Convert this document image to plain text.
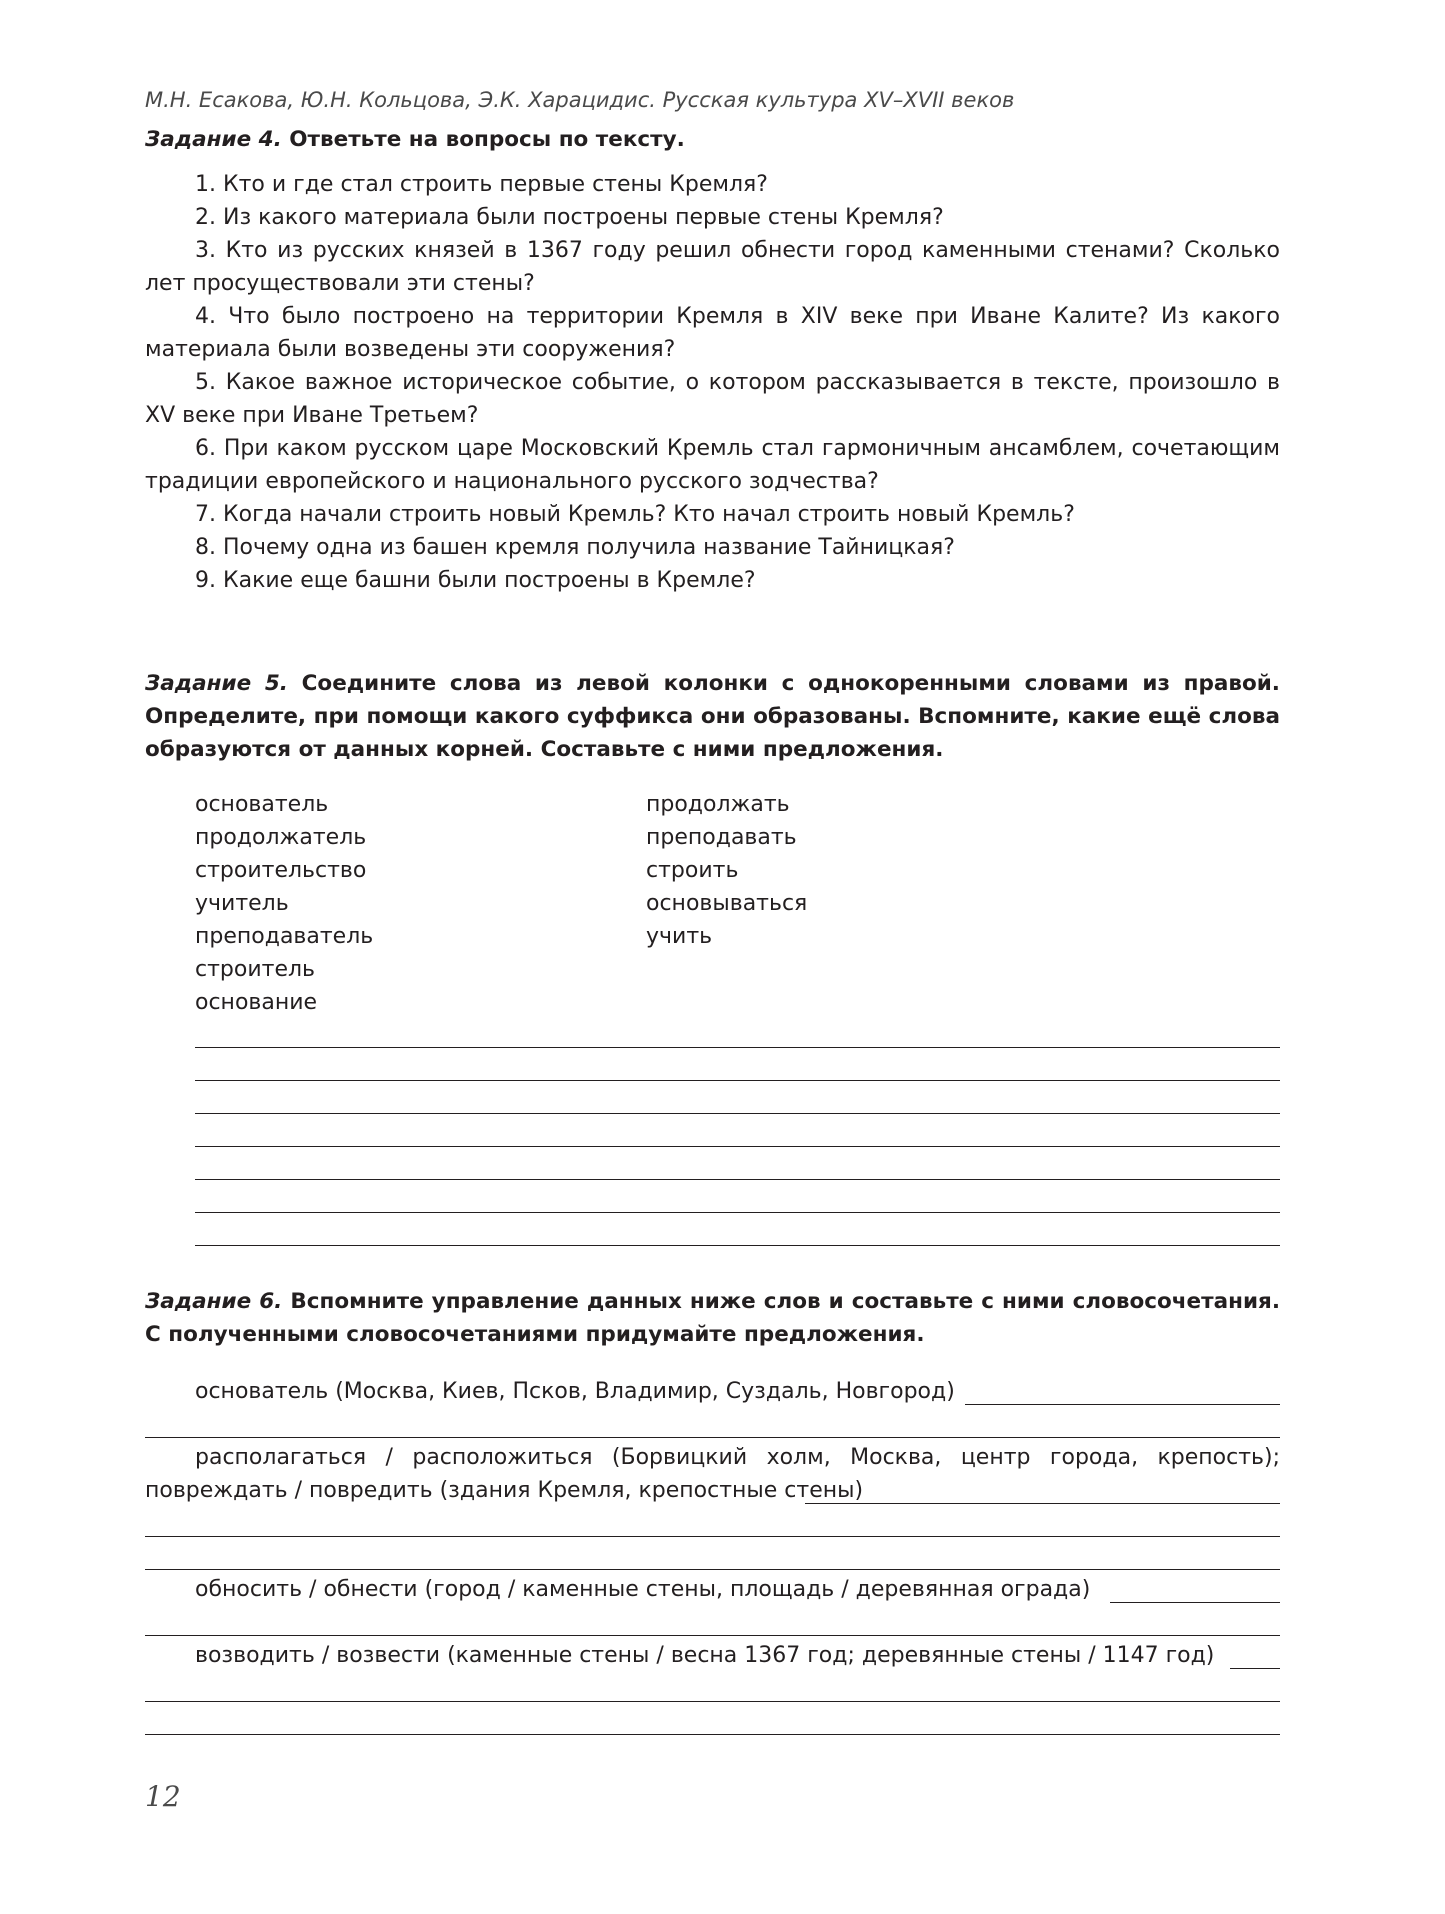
М.Н. Есакова, Ю.Н. Кольцова, Э.К. Харацидис. Русская культура XV–XVII веков
Задание 4. Ответьте на вопросы по тексту.
1. Кто и где стал строить первые стены Кремля?
2. Из какого материала были построены первые стены Кремля?
3. Кто из русских князей в 1367 году решил обнести город каменными стенами? Сколько лет просуществовали эти стены?
4. Что было построено на территории Кремля в XIV веке при Иване Калите? Из какого материала были возведены эти сооружения?
5. Какое важное историческое событие, о котором рассказывается в тексте, произошло в XV веке при Иване Третьем?
6. При каком русском царе Московский Кремль стал гармоничным ансамблем, сочетающим традиции европейского и национального русского зодчества?
7. Когда начали строить новый Кремль? Кто начал строить новый Кремль?
8. Почему одна из башен кремля получила название Тайницкая?
9. Какие еще башни были построены в Кремле?
Задание 5. Соедините слова из левой колонки с однокоренными словами из правой. Определите, при помощи какого суффикса они образованы. Вспомните, какие ещё слова образуются от данных корней. Составьте с ними предложения.
основатель
продолжатель
строительство
учитель
преподаватель
строитель
основание
продолжать
преподавать
строить
основываться
учить
Задание 6. Вспомните управление данных ниже слов и составьте с ними словосочетания. С полученными словосочетаниями придумайте предложения.
основатель (Москва, Киев, Псков, Владимир, Суздаль, Новгород)
располагаться / расположиться (Борвицкий холм, Москва, центр города, крепость); повреждать / повредить (здания Кремля, крепостные стены)
обносить / обнести (город / каменные стены, площадь / деревянная ограда)
возводить / возвести (каменные стены / весна 1367 год; деревянные стены / 1147 год)
12
